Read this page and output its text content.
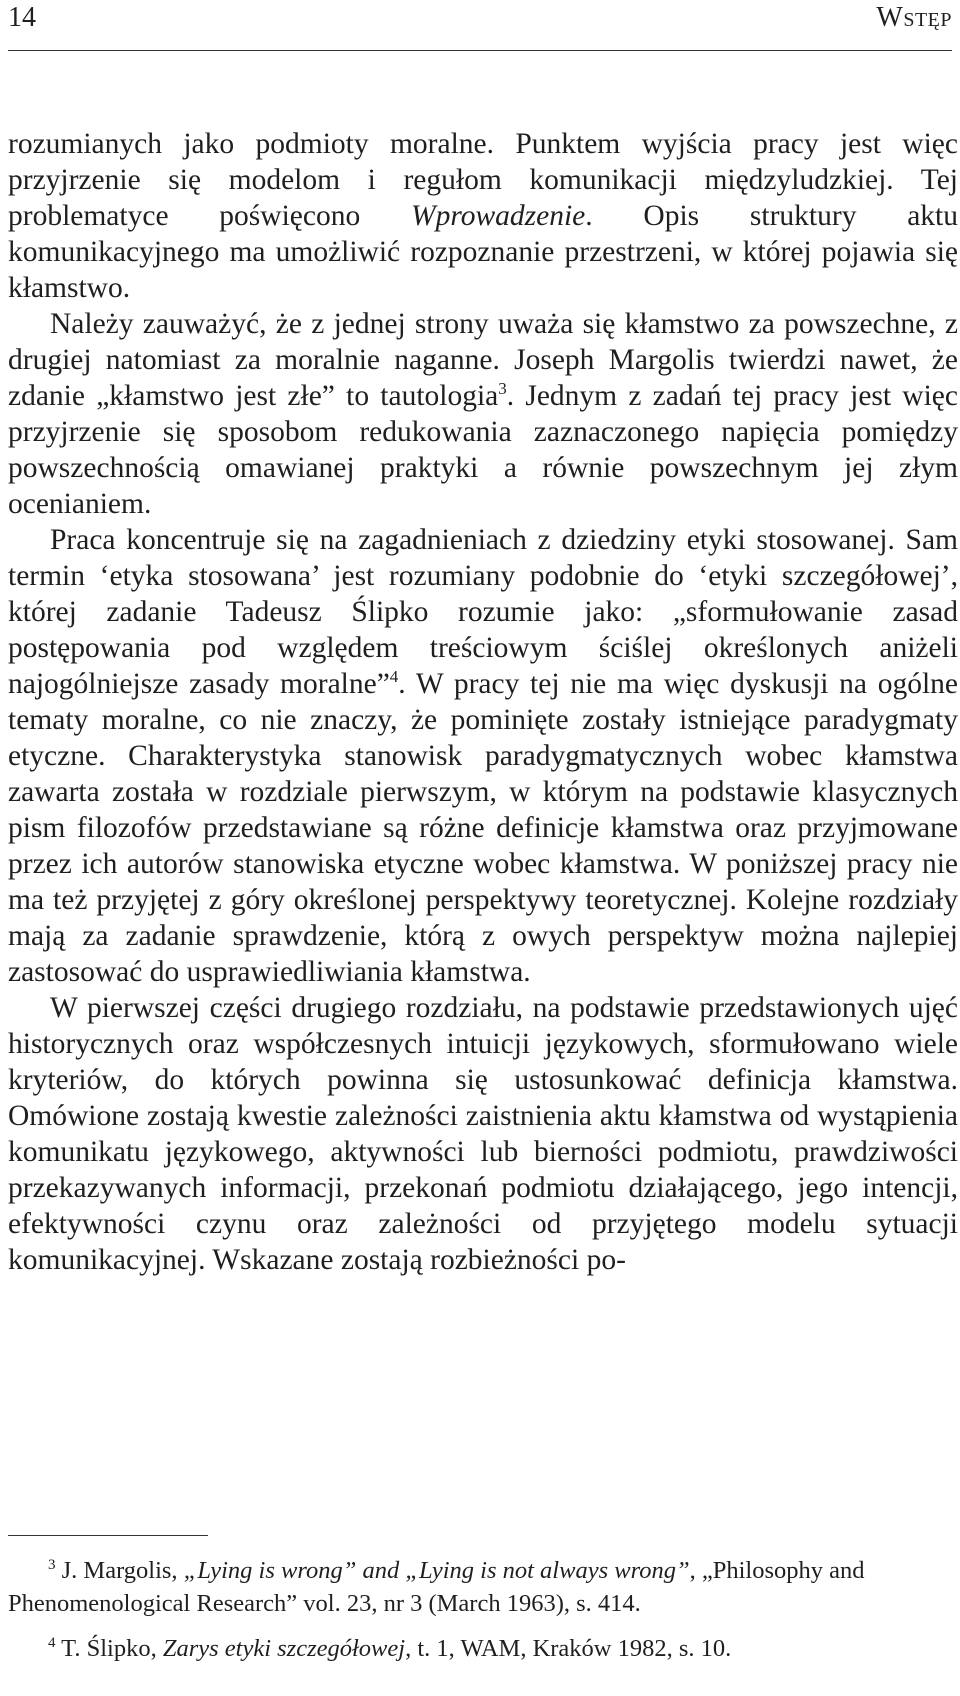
14	Wstęp

rozumianych jako podmioty moralne. Punktem wyjścia pracy jest więc przyjrzenie się modelom i regułom komunikacji międzyludzkiej. Tej problematyce poświęcono Wprowadzenie. Opis struktury aktu komunikacyjnego ma umożliwić rozpoznanie przestrzeni, w której pojawia się kłamstwo.

Należy zauważyć, że z jednej strony uważa się kłamstwo za powszechne, z drugiej natomiast za moralnie naganne. Joseph Margolis twierdzi nawet, że zdanie „kłamstwo jest złe” to tautologia$^3$. Jednym z zadań tej pracy jest więc przyjrzenie się sposobom redukowania zaznaczonego napięcia pomiędzy powszechnością omawianej praktyki a równie powszechnym jej złym ocenianiem.

Praca koncentruje się na zagadnieniach z dziedziny etyki stosowanej. Sam termin ‘etyka stosowana’ jest rozumiany podobnie do ‘etyki szczegółowej’, której zadanie Tadeusz Ślipko rozumie jako: „sformułowanie zasad postępowania pod względem treściowym ściślej określonych aniżeli najogólniejsze zasady moralne”$^4$. W pracy tej nie ma więc dyskusji na ogólne tematy moralne, co nie znaczy, że pominięte zostały istniejące paradygmaty etyczne. Charakterystyka stanowisk paradygmatycznych wobec kłamstwa zawarta została w rozdziale pierwszym, w którym na podstawie klasycznych pism filozofów przedstawiane są różne definicje kłamstwa oraz przyjmowane przez ich autorów stanowiska etyczne wobec kłamstwa. W poniższej pracy nie ma też przyjętej z góry określonej perspektywy teoretycznej. Kolejne rozdziały mają za zadanie sprawdzenie, którą z owych perspektyw można najlepiej zastosować do usprawiedliwiania kłamstwa.

W pierwszej części drugiego rozdziału, na podstawie przedstawionych ujęć historycznych oraz współczesnych intuicji językowych, sformułowano wiele kryteriów, do których powinna się ustosunkować definicja kłamstwa. Omówione zostają kwestie zależności zaistnienia aktu kłamstwa od wystąpienia komunikatu językowego, aktywności lub bierności podmiotu, prawdziwości przekazywanych informacji, przekonań podmiotu działającego, jego intencji, efektywności czynu oraz zależności od przyjętego modelu sytuacji komunikacyjnej. Wskazane zostają rozbieżności po-

$^3$ J. Margolis, „Lying is wrong” and „Lying is not always wrong”, „Philosophy and Phenomenological Research” vol. 23, nr 3 (March 1963), s. 414.
$^4$ T. Ślipko, Zarys etyki szczegółowej, t. 1, WAM, Kraków 1982, s. 10.
